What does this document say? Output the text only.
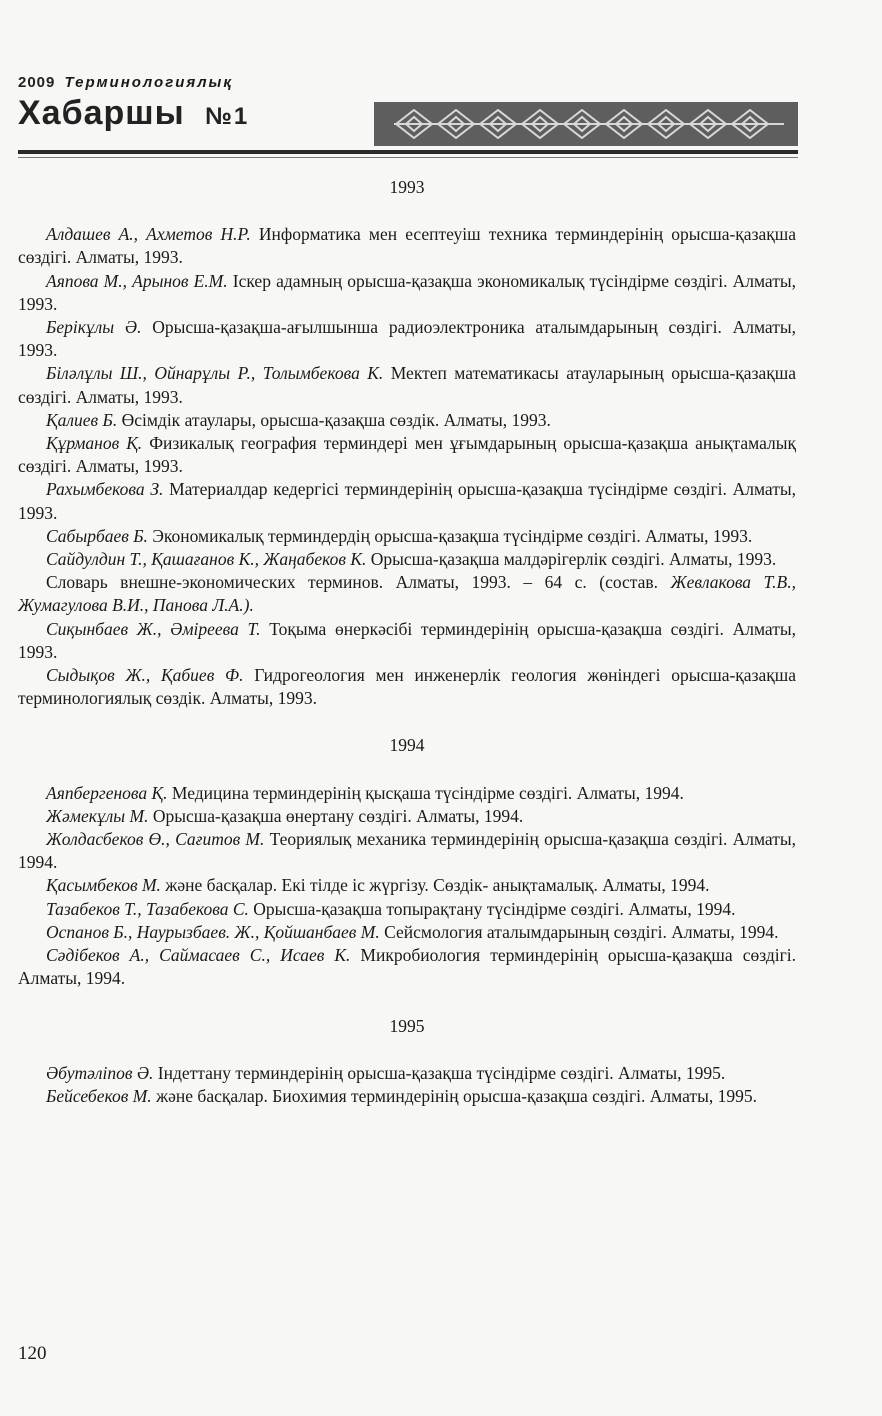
2009 Терминологиялық
Хабаршы №1

1993

Алдашев А., Ахметов Н.Р. Информатика мен есептеуіш техника терминдерінің орысша-қазақша сөздігі. Алматы, 1993.

Аяпова М., Арынов Е.М. Іскер адамның орысша-қазақша экономикалық түсіндірме сөздігі. Алматы, 1993.

Берікұлы Ә. Орысша-қазақша-ағылшынша радиоэлектроника аталымдарының сөздігі. Алматы, 1993.

Біләлұлы Ш., Ойнарұлы Р., Толымбекова К. Мектеп математикасы атауларының орысша-қазақша сөздігі. Алматы, 1993.

Қалиев Б. Өсімдік атаулары, орысша-қазақша сөздік. Алматы, 1993.

Құрманов Қ. Физикалық география терминдері мен ұғымдарының орысша-қазақша анықтамалық сөздігі. Алматы, 1993.

Рахымбекова З. Материалдар кедергісі терминдерінің орысша-қазақша түсіндірме сөздігі. Алматы, 1993.

Сабырбаев Б. Экономикалық терминдердің орысша-қазақша түсіндірме сөздігі. Алматы, 1993.

Сайдулдин Т., Қашағанов К., Жаңабеков К. Орысша-қазақша малдәрігерлік сөздігі. Алматы, 1993.

Словарь внешне-экономических терминов. Алматы, 1993. – 64 с. (состав. Жевлакова Т.В., Жумагулова В.И., Панова Л.А.).

Сиқынбаев Ж., Әміреева Т. Тоқыма өнеркәсібі терминдерінің орысша-қазақша сөздігі. Алматы, 1993.

Сыдықов Ж., Қабиев Ф. Гидрогеология мен инженерлік геология жөніндегі орысша-қазақша терминологиялық сөздік. Алматы, 1993.

1994

Аяпбергенова Қ. Медицина терминдерінің қысқаша түсіндірме сөздігі. Алматы, 1994.

Жәмекұлы М. Орысша-қазақша өнертану сөздігі. Алматы, 1994.

Жолдасбеков Ө., Сағитов М. Теориялық механика терминдерінің орысша-қазақша сөздігі. Алматы, 1994.

Қасымбеков М. және басқалар. Екі тілде іс жүргізу. Сөздік- анықтамалық. Алматы, 1994.

Тазабеков Т., Тазабекова С. Орысша-қазақша топырақтану түсіндірме сөздігі. Алматы, 1994.

Оспанов Б., Наурызбаев. Ж., Қойшанбаев М. Сейсмология аталымдарының сөздігі. Алматы, 1994.

Сәдібеков А., Саймасаев С., Исаев К. Микробиология терминдерінің орысша-қазақша сөздігі. Алматы, 1994.

1995

Әбутәліпов Ә. Індеттану терминдерінің орысша-қазақша түсіндірме сөздігі. Алматы, 1995.

Бейсебеков М. және басқалар. Биохимия терминдерінің орысша-қазақша сөздігі. Алматы, 1995.

120
